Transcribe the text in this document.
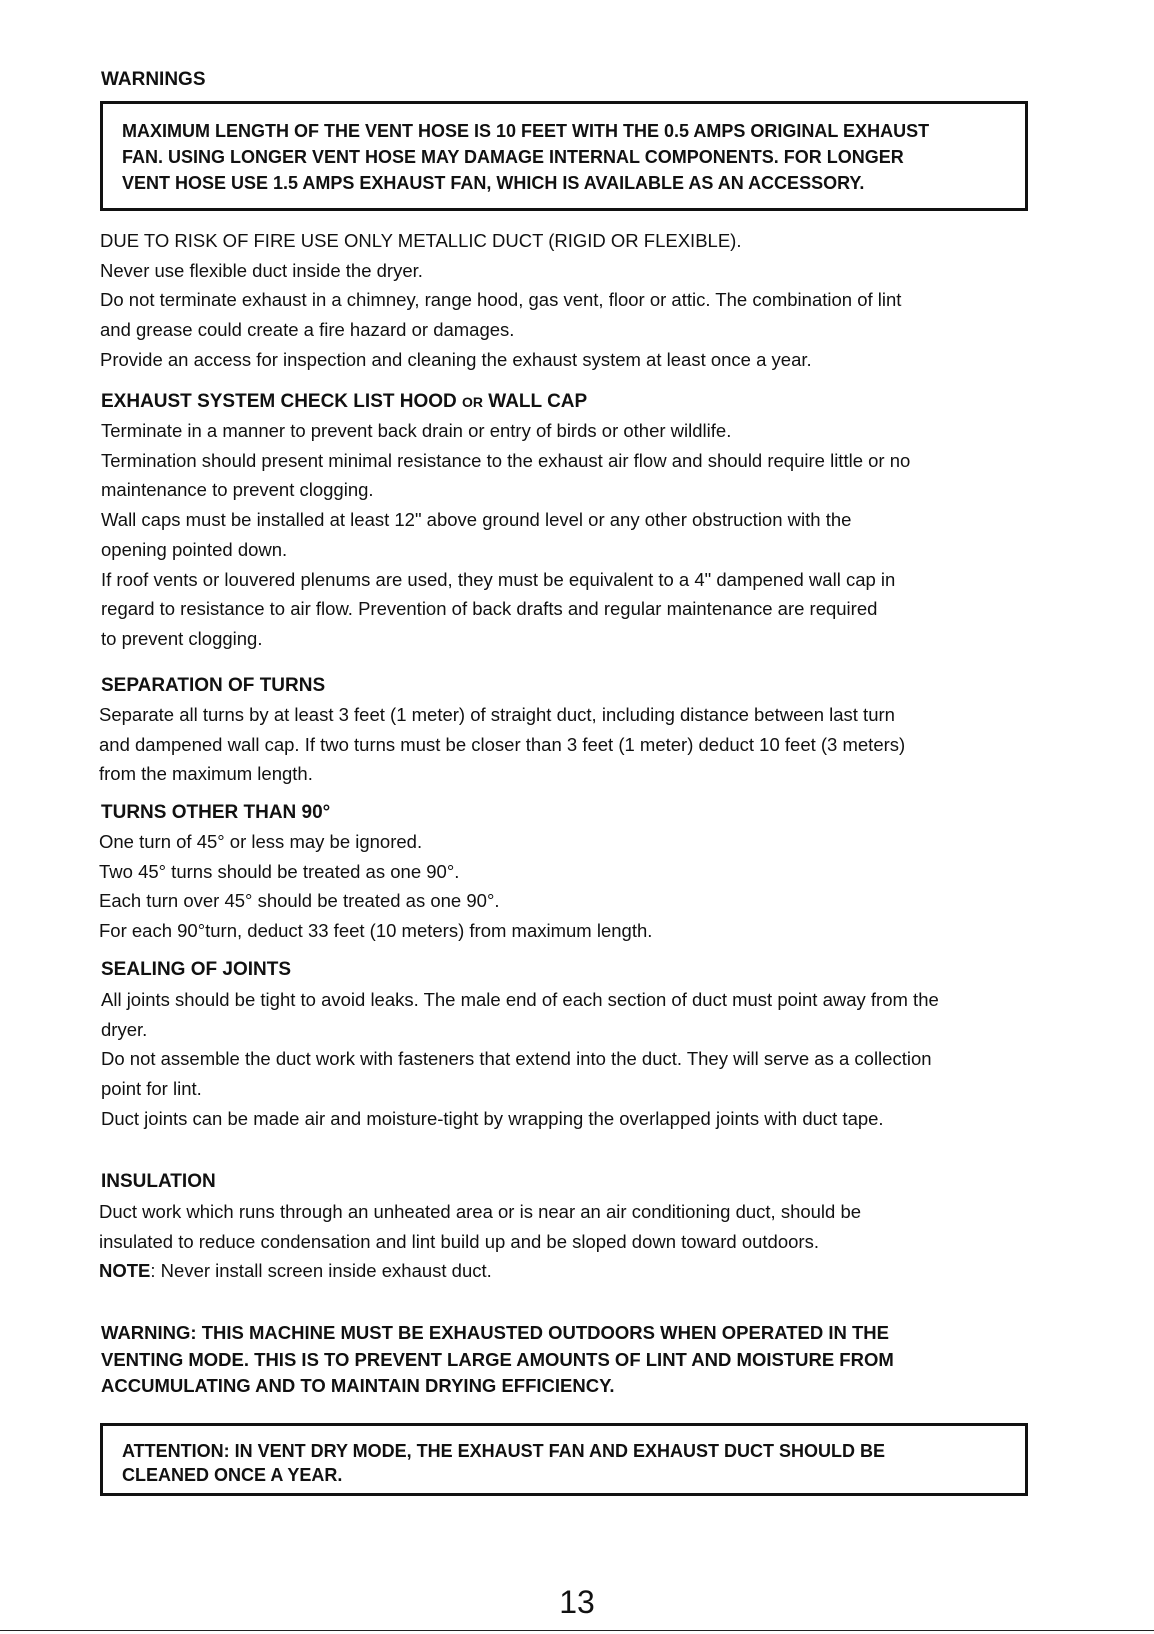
WARNINGS
MAXIMUM LENGTH OF THE VENT HOSE IS 10 FEET WITH THE 0.5 AMPS ORIGINAL EXHAUST
FAN. USING LONGER VENT HOSE MAY DAMAGE INTERNAL COMPONENTS. FOR LONGER
VENT HOSE USE 1.5 AMPS EXHAUST FAN, WHICH IS AVAILABLE AS AN ACCESSORY.
DUE TO RISK OF FIRE USE ONLY METALLIC DUCT (RIGID OR FLEXIBLE).
Never use flexible duct inside the dryer.
Do not terminate exhaust in a chimney, range hood, gas vent, floor or attic. The combination of lint
and grease could create a fire hazard or damages.
Provide an access for inspection and cleaning the exhaust system at least once a year.
EXHAUST SYSTEM CHECK LIST HOOD OR WALL CAP
Terminate in a manner to prevent back drain or entry of birds or other wildlife.
Termination should present minimal resistance to the exhaust air flow and should require little or no
maintenance to prevent clogging.
Wall caps must be installed at least 12" above ground level or any other obstruction with the
opening pointed down.
If roof vents or louvered plenums are used, they must be equivalent to a 4" dampened wall cap in
regard to resistance to air flow. Prevention of back drafts and regular maintenance are required
to prevent clogging.
SEPARATION OF TURNS
Separate all turns by at least 3 feet (1 meter) of straight duct, including distance between last turn
and dampened wall cap. If two turns must be closer than 3 feet (1 meter) deduct 10 feet (3 meters)
from the maximum length.
TURNS OTHER THAN 90°
One turn of 45° or less may be ignored.
Two 45° turns should be treated as one 90°.
Each turn over 45° should be treated as one 90°.
For each 90°turn, deduct 33 feet (10 meters) from maximum length.
SEALING OF JOINTS
All joints should be tight to avoid leaks. The male end of each section of duct must point away from the
dryer.
Do not assemble the duct work with fasteners that extend into the duct. They will serve as a collection
point for lint.
Duct joints can be made air and moisture-tight by wrapping the overlapped joints with duct tape.
INSULATION
Duct work which runs through an unheated area or is near an air conditioning duct, should be
insulated to reduce condensation and lint build up and be sloped down toward outdoors.
NOTE: Never install screen inside exhaust duct.
WARNING: THIS MACHINE MUST BE EXHAUSTED OUTDOORS WHEN OPERATED IN THE
VENTING MODE. THIS IS TO PREVENT LARGE AMOUNTS OF LINT AND MOISTURE FROM
ACCUMULATING AND TO MAINTAIN DRYING EFFICIENCY.
ATTENTION: IN VENT DRY MODE, THE EXHAUST FAN AND EXHAUST DUCT SHOULD BE
CLEANED ONCE A YEAR.
13
